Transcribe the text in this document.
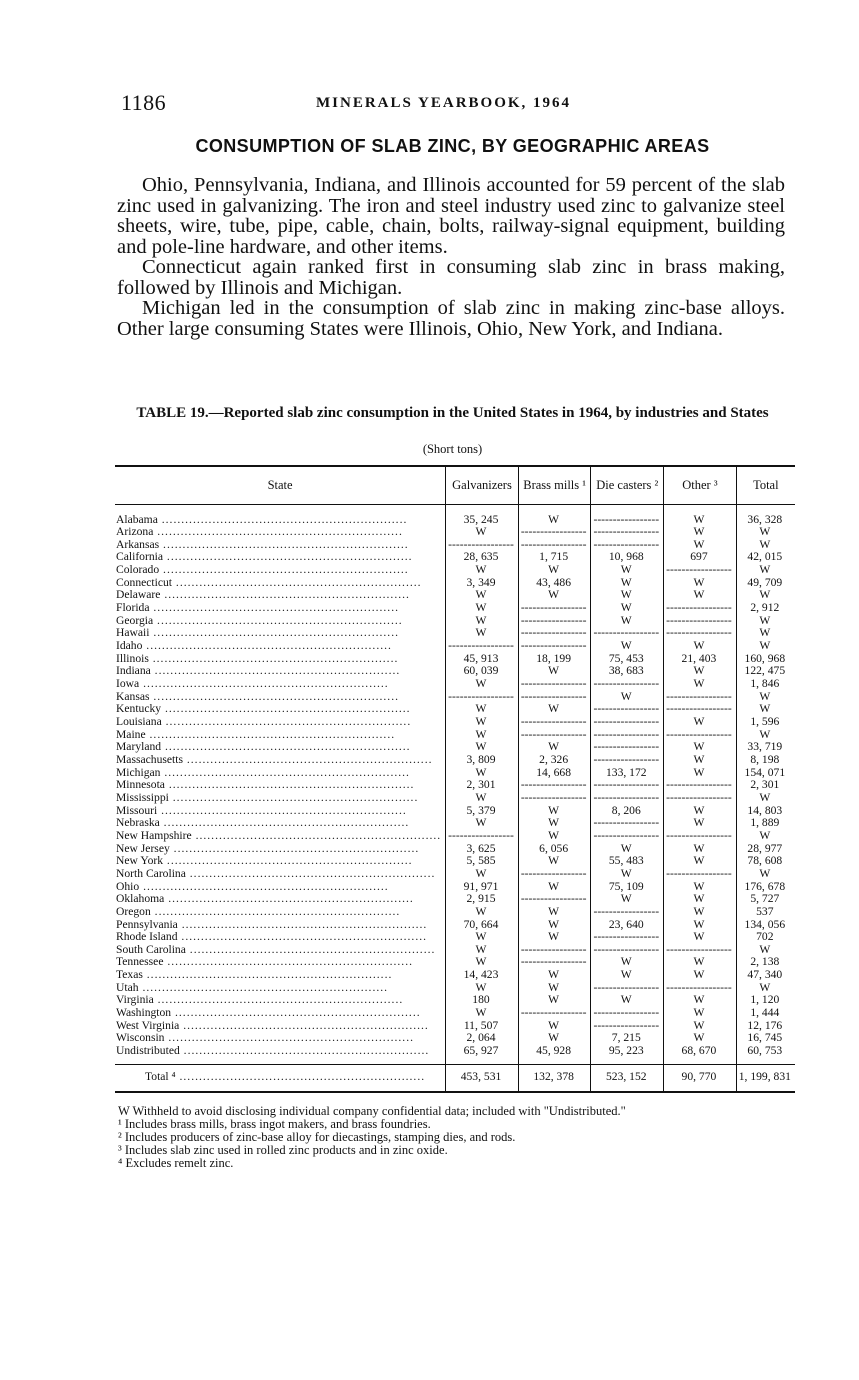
1186	MINERALS YEARBOOK, 1964
CONSUMPTION OF SLAB ZINC, BY GEOGRAPHIC AREAS

Ohio, Pennsylvania, Indiana, and Illinois accounted for 59 percent of the slab zinc used in galvanizing. The iron and steel industry used zinc to galvanize steel sheets, wire, tube, pipe, cable, chain, bolts, railway-signal equipment, building and pole-line hardware, and other items.

Connecticut again ranked first in consuming slab zinc in brass making, followed by Illinois and Michigan.

Michigan led in the consumption of slab zinc in making zinc-base alloys. Other large consuming States were Illinois, Ohio, New York, and Indiana.

TABLE 19.—Reported slab zinc consumption in the United States in 1964, by industries and States
(Short tons)
State	Galvanizers	Brass mills ¹	Die casters ²	Other ³	Total
Alabama .....	35, 245	W	-----------------	W	36, 328
Arizona .....	W	-----------------	-----------------	W	W
Arkansas .....	-----------------	-----------------	-----------------	W	W
California .....	28, 635	1, 715	10, 968	697	42, 015
Colorado .....	W	W	W	-----------------	W
Connecticut .....	3, 349	43, 486	W	W	49, 709
Delaware .....	W	W	W	W	W
Florida .....	W	-----------------	W	-----------------	2, 912
Georgia .....	W	-----------------	W	-----------------	W
Hawaii .....	W	-----------------	-----------------	-----------------	W
Idaho .....	-----------------	-----------------	W	W	W
Illinois .....	45, 913	18, 199	75, 453	21, 403	160, 968
Indiana .....	60, 039	W	38, 683	W	122, 475
Iowa .....	W	-----------------	-----------------	W	1, 846
Kansas .....	-----------------	-----------------	W	-----------------	W
Kentucky .....	W	W	-----------------	-----------------	W
Louisiana .....	W	-----------------	-----------------	W	1, 596
Maine .....	W	-----------------	-----------------	-----------------	W
Maryland .....	W	W	-----------------	W	33, 719
Massachusetts .....	3, 809	2, 326	-----------------	W	8, 198
Michigan .....	W	14, 668	133, 172	W	154, 071
Minnesota .....	2, 301	-----------------	-----------------	-----------------	2, 301
Mississippi .....	W	-----------------	-----------------	-----------------	W
Missouri .....	5, 379	W	8, 206	W	14, 803
Nebraska .....	W	W	-----------------	W	1, 889
New Hampshire .....	-----------------	W	-----------------	-----------------	W
New Jersey .....	3, 625	6, 056	W	W	28, 977
New York .....	5, 585	W	55, 483	W	78, 608
North Carolina .....	W	-----------------	W	-----------------	W
Ohio .....	91, 971	W	75, 109	W	176, 678
Oklahoma .....	2, 915	-----------------	W	W	5, 727
Oregon .....	W	W	-----------------	W	537
Pennsylvania .....	70, 664	W	23, 640	W	134, 056
Rhode Island .....	W	W	-----------------	W	702
South Carolina .....	W	-----------------	-----------------	-----------------	W
Tennessee .....	W	-----------------	W	W	2, 138
Texas .....	14, 423	W	W	W	47, 340
Utah .....	W	W	-----------------	-----------------	W
Virginia .....	180	W	W	W	1, 120
Washington .....	W	-----------------	-----------------	W	1, 444
West Virginia .....	11, 507	W	-----------------	W	12, 176
Wisconsin .....	2, 064	W	7, 215	W	16, 745
Undistributed .....	65, 927	45, 928	95, 223	68, 670	60, 753
Total ⁴ .....	453, 531	132, 378	523, 152	90, 770	1, 199, 831
W Withheld to avoid disclosing individual company confidential data; included with "Undistributed."
¹ Includes brass mills, brass ingot makers, and brass foundries.
² Includes producers of zinc-base alloy for diecastings, stamping dies, and rods.
³ Includes slab zinc used in rolled zinc products and in zinc oxide.
⁴ Excludes remelt zinc.
